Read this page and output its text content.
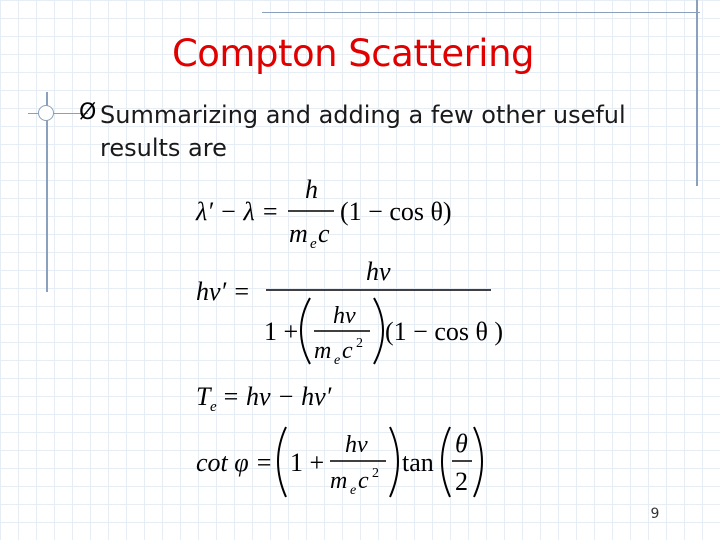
Compton Scattering
Ø Summarizing and adding a few other useful results are
λ′ − λ =
h
m e c
(1 − cos θ)
hν′ =
hν
1 +
hν
m e c 2 (1 − cos θ )
T e = hν − hν′
cot φ = 1 +
hν
m e c 2 tan
θ
2
9
